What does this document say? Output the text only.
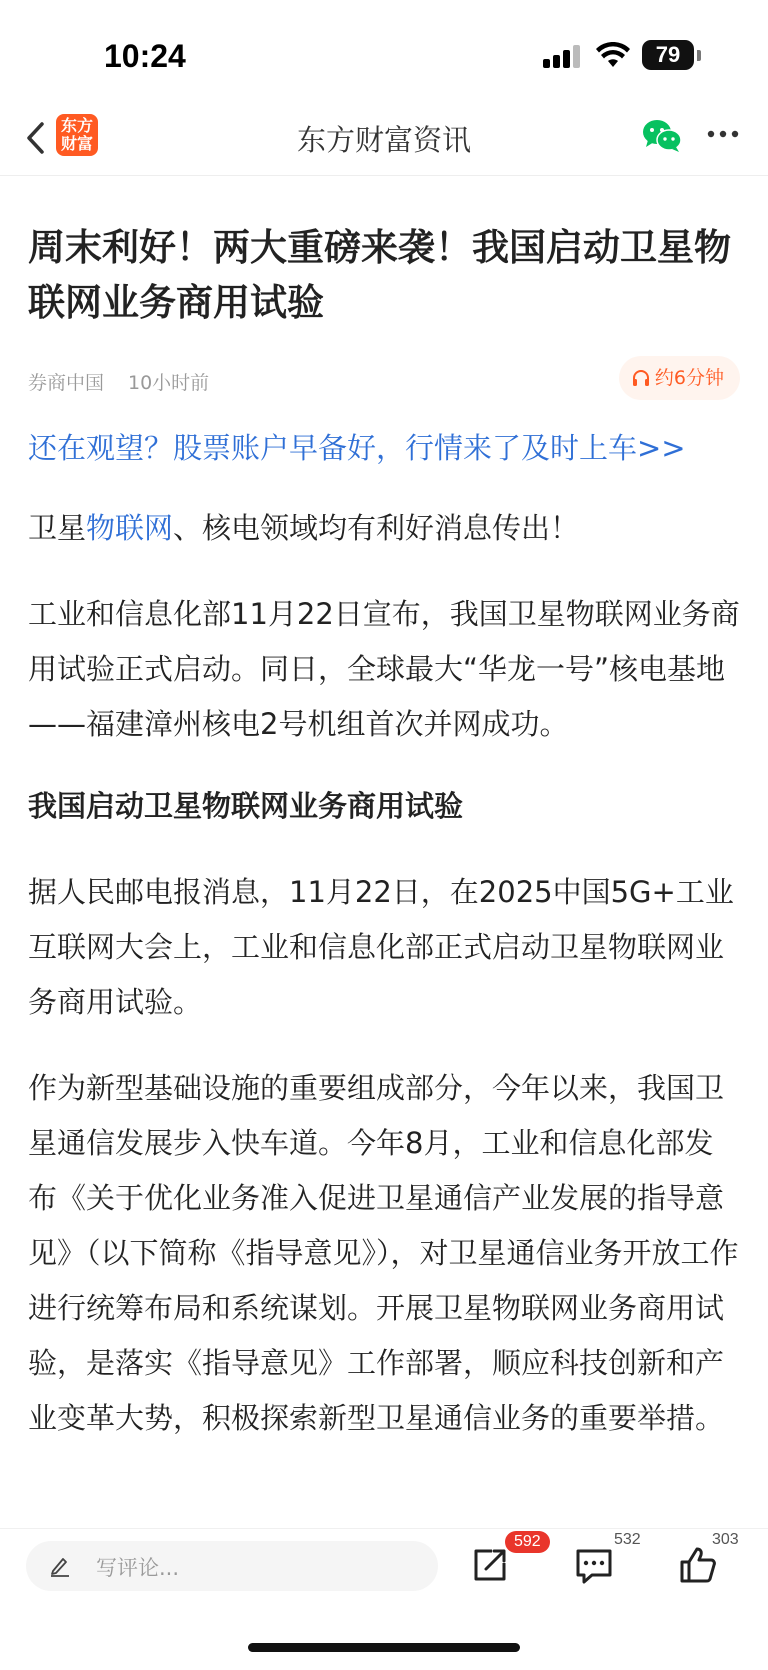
10:24	79
东方
财富	东方财富资讯
周末利好！两大重磅来袭！我国启动卫星物联网业务商用试验
券商中国 10小时前	约6分钟
还在观望？股票账户早备好，行情来了及时上车>>

卫星物联网、核电领域均有利好消息传出！

工业和信息化部11月22日宣布，我国卫星物联网业务商用试验正式启动。同日，全球最大“华龙一号”核电基地——福建漳州核电2号机组首次并网成功。

我国启动卫星物联网业务商用试验

据人民邮电报消息，11月22日，在2025中国5G+工业互联网大会上，工业和信息化部正式启动卫星物联网业务商用试验。

作为新型基础设施的重要组成部分，今年以来，我国卫星通信发展步入快车道。今年8月，工业和信息化部发布《关于优化业务准入促进卫星通信产业发展的指导意见》（以下简称《指导意见》），对卫星通信业务开放工作进行统筹布局和系统谋划。开展卫星物联网业务商用试验，是落实《指导意见》工作部署，顺应科技创新和产业变革大势，积极探索新型卫星通信业务的重要举措。

写评论...
592	532	303
